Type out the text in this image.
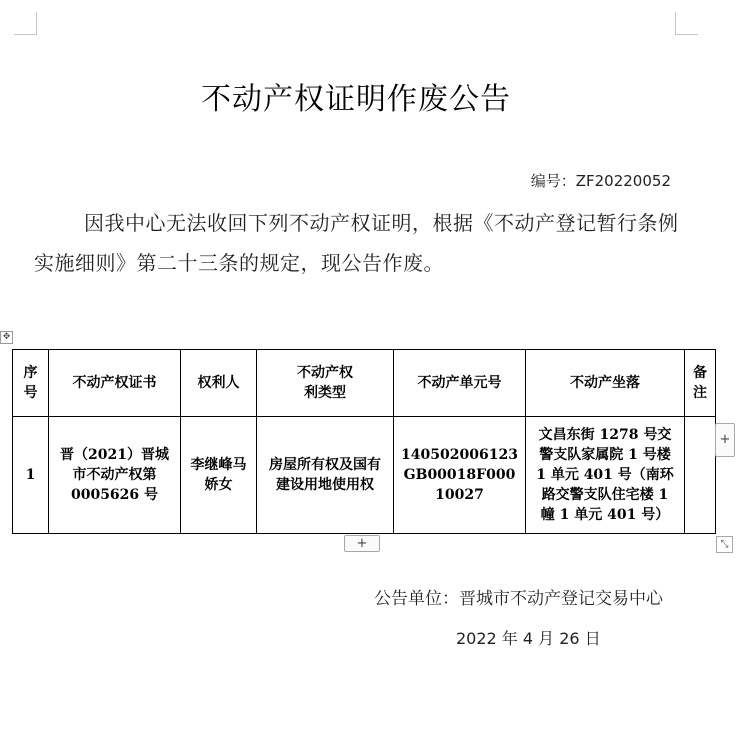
不动产权证明作废公告
编号：ZF20220052
因我中心无法收回下列不动产权证明，根据《不动产登记暂行条例实施细则》第二十三条的规定，现公告作废。
✥
序号	不动产权证书	权利人	不动产权利类型	不动产单元号	不动产坐落	备注
1	晋（2021）晋城市不动产权第0005626 号	李继峰马娇女	房屋所有权及国有建设用地使用权	140502006123GB00018F00010027	文昌东街 1278 号交警支队家属院 1 号楼 1 单元 401 号（南环路交警支队住宅楼 1 幢 1 单元 401 号）	
+
+	⤡
公告单位：晋城市不动产登记交易中心
2022 年 4 月 26 日
